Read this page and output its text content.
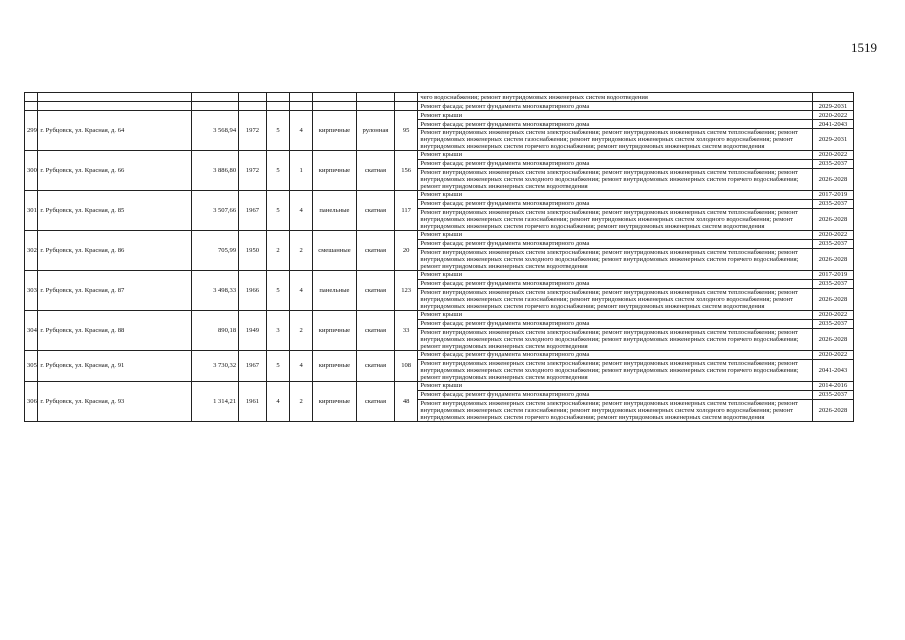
1519
									чего водоснабжения; ремонт внутридомовых инженерных систем водоотведения	
									Ремонт фасада; ремонт фундамента многоквартирного дома	2029-2031
299	г. Рубцовск, ул. Красная, д. 64	3 568,94	1972	5	4	кирпичные	рулонная	95	Ремонт крыши	2020-2022
									Ремонт фасада; ремонт фундамента многоквартирного дома	2041-2043
									Ремонт внутридомовых инженерных систем электроснабжения; ремонт внутридомовых инженерных систем теплоснабжения; ремонт внутридомовых инженерных систем газоснабжения; ремонт внутридомовых инженерных систем холодного водоснабжения; ремонт внутридомовых инженерных систем горячего водоснабжения; ремонт внутридомовых инженерных систем водоотведения	2029-2031
300	г. Рубцовск, ул. Красная, д. 66	3 886,80	1972	5	1	кирпичные	скатная	156	Ремонт крыши	2020-2022
									Ремонт фасада; ремонт фундамента многоквартирного дома	2035-2037
									Ремонт внутридомовых инженерных систем электроснабжения; ремонт внутридомовых инженерных систем теплоснабжения; ремонт внутридомовых инженерных систем холодного водоснабжения; ремонт внутридомовых инженерных систем горячего водоснабжения; ремонт внутридомовых инженерных систем водоотведения	2026-2028
301	г. Рубцовск, ул. Красная, д. 85	3 507,66	1967	5	4	панельные	скатная	117	Ремонт крыши	2017-2019
									Ремонт фасада; ремонт фундамента многоквартирного дома	2035-2037
									Ремонт внутридомовых инженерных систем электроснабжения; ремонт внутридомовых инженерных систем теплоснабжения; ремонт внутридомовых инженерных систем газоснабжения; ремонт внутридомовых инженерных систем холодного водоснабжения; ремонт внутридомовых инженерных систем горячего водоснабжения; ремонт внутридомовых инженерных систем водоотведения	2026-2028
302	г. Рубцовск, ул. Красная, д. 86	705,99	1950	2	2	смешанные	скатная	20	Ремонт крыши	2020-2022
									Ремонт фасада; ремонт фундамента многоквартирного дома	2035-2037
									Ремонт внутридомовых инженерных систем электроснабжения; ремонт внутридомовых инженерных систем теплоснабжения; ремонт внутридомовых инженерных систем холодного водоснабжения; ремонт внутридомовых инженерных систем горячего водоснабжения; ремонт внутридомовых инженерных систем водоотведения	2026-2028
303	г. Рубцовск, ул. Красная, д. 87	3 498,33	1966	5	4	панельные	скатная	123	Ремонт крыши	2017-2019
									Ремонт фасада; ремонт фундамента многоквартирного дома	2035-2037
									Ремонт внутридомовых инженерных систем электроснабжения; ремонт внутридомовых инженерных систем теплоснабжения; ремонт внутридомовых инженерных систем газоснабжения; ремонт внутридомовых инженерных систем холодного водоснабжения; ремонт внутридомовых инженерных систем горячего водоснабжения; ремонт внутридомовых инженерных систем водоотведения	2026-2028
304	г. Рубцовск, ул. Красная, д. 88	890,18	1949	3	2	кирпичные	скатная	33	Ремонт крыши	2020-2022
									Ремонт фасада; ремонт фундамента многоквартирного дома	2035-2037
									Ремонт внутридомовых инженерных систем электроснабжения; ремонт внутридомовых инженерных систем теплоснабжения; ремонт внутридомовых инженерных систем холодного водоснабжения; ремонт внутридомовых инженерных систем горячего водоснабжения; ремонт внутридомовых инженерных систем водоотведения	2026-2028
305	г. Рубцовск, ул. Красная, д. 91	3 730,32	1967	5	4	кирпичные	скатная	108	Ремонт фасада; ремонт фундамента многоквартирного дома	2020-2022
									Ремонт внутридомовых инженерных систем электроснабжения; ремонт внутридомовых инженерных систем теплоснабжения; ремонт внутридомовых инженерных систем холодного водоснабжения; ремонт внутридомовых инженерных систем горячего водоснабжения; ремонт внутридомовых инженерных систем водоотведения	2041-2043
306	г. Рубцовск, ул. Красная, д. 93	1 314,21	1961	4	2	кирпичные	скатная	48	Ремонт крыши	2014-2016
									Ремонт фасада; ремонт фундамента многоквартирного дома	2035-2037
									Ремонт внутридомовых инженерных систем электроснабжения; ремонт внутридомовых инженерных систем теплоснабжения; ремонт внутридомовых инженерных систем газоснабжения; ремонт внутридомовых инженерных систем холодного водоснабжения; ремонт внутридомовых инженерных систем горячего водоснабжения; ремонт внутридомовых инженерных систем водоотведения	2026-2028
